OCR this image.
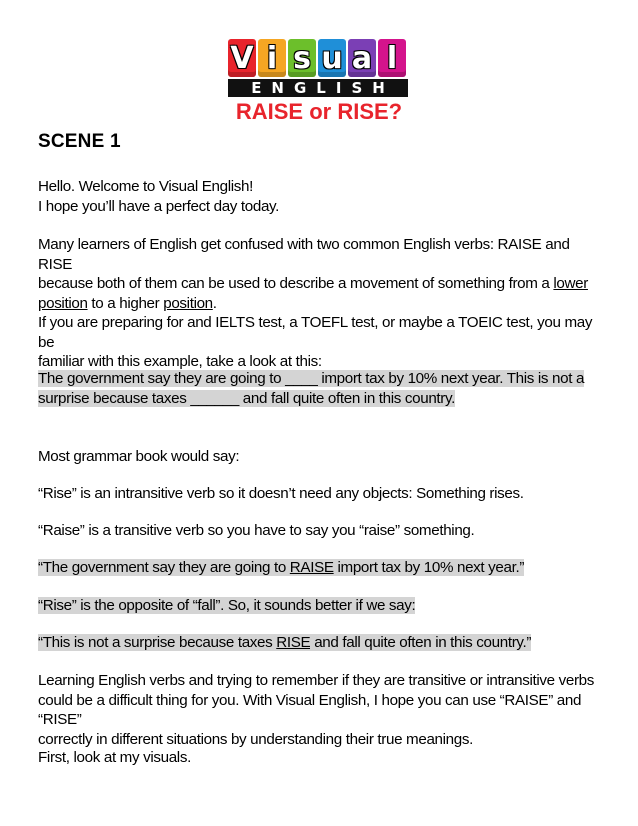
V i s u a l
ENGLISH
RAISE or RISE?
SCENE 1

Hello. Welcome to Visual English!
I hope you’ll have a perfect day today.

Many learners of English get confused with two common English verbs: RAISE and RISE
because both of them can be used to describe a movement of something from a lower
position to a higher position.

If you are preparing for and IELTS test, a TOEFL test, or maybe a TOEIC test, you may be
familiar with this example, take a look at this:

The government say they are going to ____ import tax by 10% next year. This is not a
surprise because taxes ______ and fall quite often in this country.

Most grammar book would say:

“Rise” is an intransitive verb so it doesn’t need any objects: Something rises.

“Raise” is a transitive verb so you have to say you “raise” something.

“The government say they are going to RAISE import tax by 10% next year.”

“Rise” is the opposite of “fall”. So, it sounds better if we say:

“This is not a surprise because taxes RISE and fall quite often in this country.”

Learning English verbs and trying to remember if they are transitive or intransitive verbs
could be a difficult thing for you. With Visual English, I hope you can use “RAISE” and “RISE”
correctly in different situations by understanding their true meanings.

First, look at my visuals.
